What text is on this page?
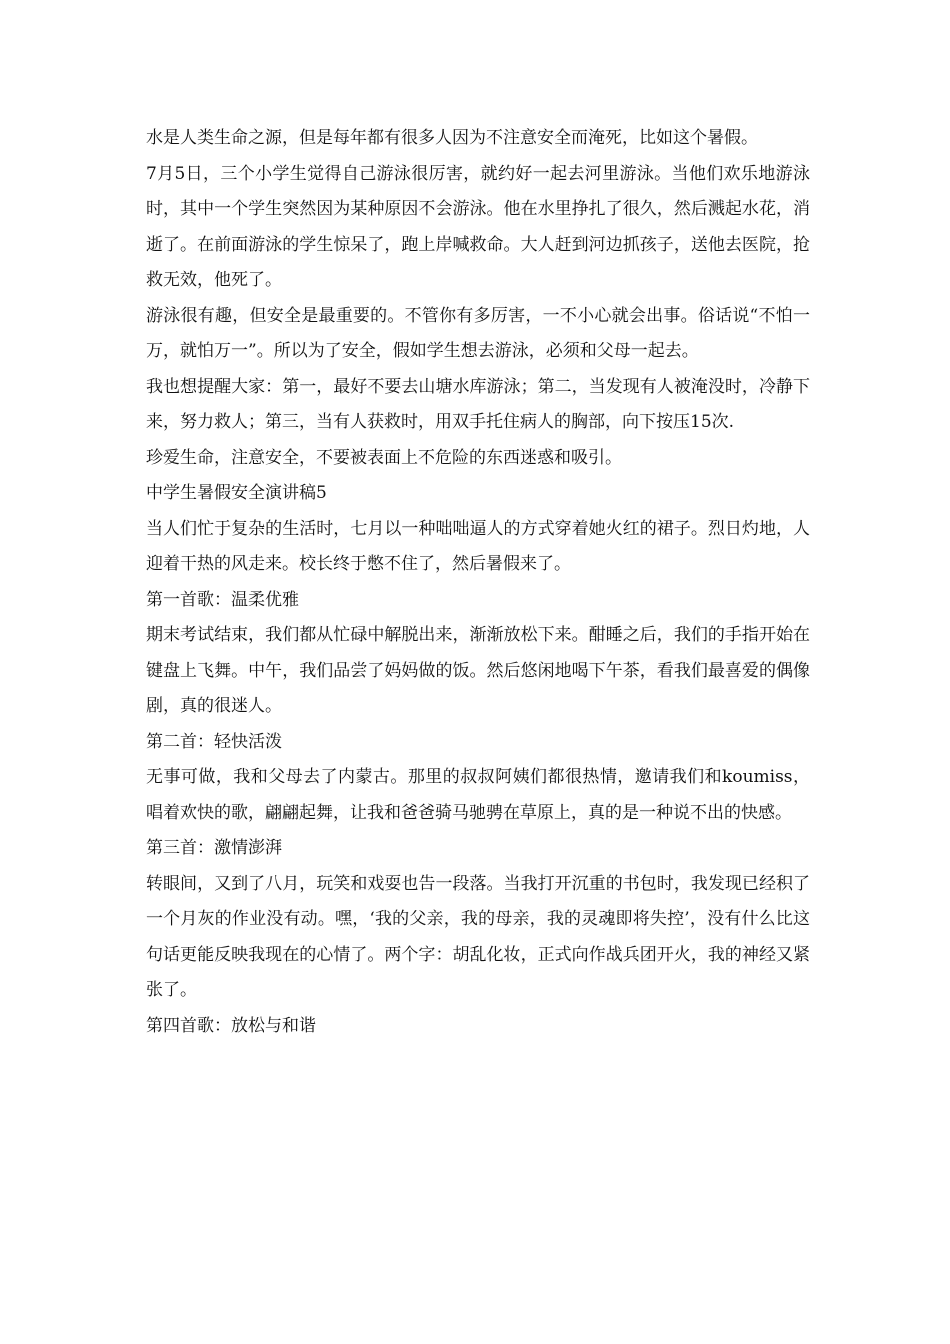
水是人类生命之源，但是每年都有很多人因为不注意安全而淹死，比如这个暑假。

7月5日，三个小学生觉得自己游泳很厉害，就约好一起去河里游泳。当他们欢乐地游泳时，其中一个学生突然因为某种原因不会游泳。他在水里挣扎了很久，然后溅起水花，消逝了。在前面游泳的学生惊呆了，跑上岸喊救命。大人赶到河边抓孩子，送他去医院，抢救无效，他死了。

游泳很有趣，但安全是最重要的。不管你有多厉害，一不小心就会出事。俗话说“不怕一万，就怕万一”。所以为了安全，假如学生想去游泳，必须和父母一起去。

我也想提醒大家：第一，最好不要去山塘水库游泳；第二，当发现有人被淹没时，冷静下来，努力救人；第三，当有人获救时，用双手托住病人的胸部，向下按压15次.

珍爱生命，注意安全，不要被表面上不危险的东西迷惑和吸引。

中学生暑假安全演讲稿5

当人们忙于复杂的生活时，七月以一种咄咄逼人的方式穿着她火红的裙子。烈日灼地，人迎着干热的风走来。校长终于憋不住了，然后暑假来了。

第一首歌：温柔优雅

期末考试结束，我们都从忙碌中解脱出来，渐渐放松下来。酣睡之后，我们的手指开始在键盘上飞舞。中午，我们品尝了妈妈做的饭。然后悠闲地喝下午茶，看我们最喜爱的偶像剧，真的很迷人。

第二首：轻快活泼

无事可做，我和父母去了内蒙古。那里的叔叔阿姨们都很热情，邀请我们和koumiss，唱着欢快的歌，翩翩起舞，让我和爸爸骑马驰骋在草原上，真的是一种说不出的快感。

第三首：激情澎湃

转眼间，又到了八月，玩笑和戏耍也告一段落。当我打开沉重的书包时，我发现已经积了一个月灰的作业没有动。嘿，‘我的父亲，我的母亲，我的灵魂即将失控’，没有什么比这句话更能反映我现在的心情了。两个字：胡乱化妆，正式向作战兵团开火，我的神经又紧张了。

第四首歌：放松与和谐
